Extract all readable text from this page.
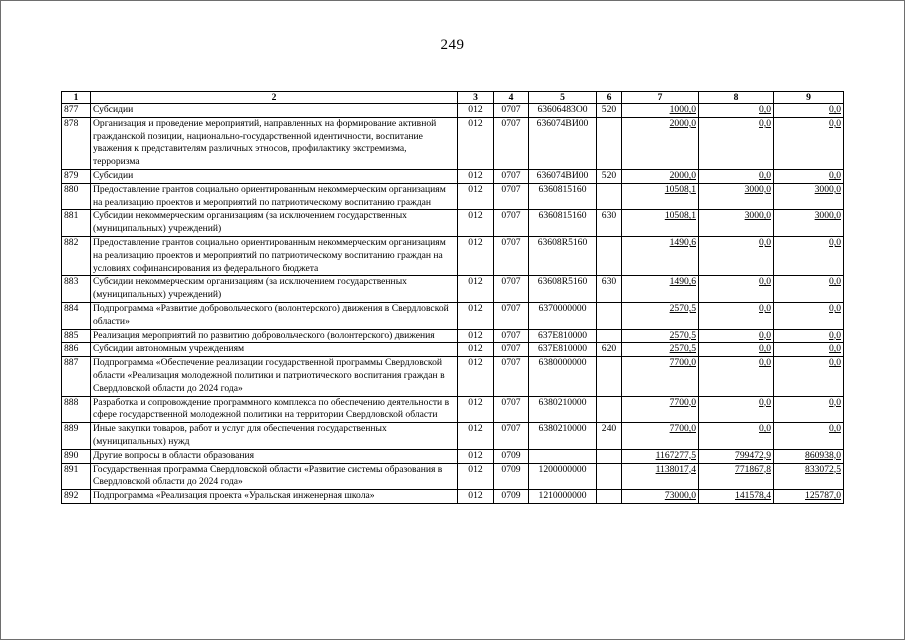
249
1	2	3	4	5	6	7	8	9
877	Субсидии	012	0707	63606483О0	520	1000,0	0,0	0,0
878	Организация и проведение мероприятий, направленных на формирование активной гражданской позиции, национально-государственной идентичности, воспитание уважения к представителям различных этносов, профилактику экстремизма, терроризма	012	0707	636074ВИ00		2000,0	0,0	0,0
879	Субсидии	012	0707	636074ВИ00	520	2000,0	0,0	0,0
880	Предоставление грантов социально ориентированным некоммерческим организациям на реализацию проектов и мероприятий по патриотическому воспитанию граждан	012	0707	6360815160		10508,1	3000,0	3000,0
881	Субсидии некоммерческим организациям (за исключением государственных (муниципальных) учреждений)	012	0707	6360815160	630	10508,1	3000,0	3000,0
882	Предоставление грантов социально ориентированным некоммерческим организациям на реализацию проектов и мероприятий по патриотическому воспитанию граждан на условиях софинансирования из федерального бюджета	012	0707	63608R5160		1490,6	0,0	0,0
883	Субсидии некоммерческим организациям (за исключением государственных (муниципальных) учреждений)	012	0707	63608R5160	630	1490,6	0,0	0,0
884	Подпрограмма «Развитие добровольческого (волонтерского) движения в Свердловской области»	012	0707	6370000000		2570,5	0,0	0,0
885	Реализация мероприятий по развитию добровольческого (волонтерского) движения	012	0707	637Е810000		2570,5	0,0	0,0
886	Субсидии автономным учреждениям	012	0707	637Е810000	620	2570,5	0,0	0,0
887	Подпрограмма «Обеспечение реализации государственной программы Свердловской области «Реализация молодежной политики и патриотического воспитания граждан в Свердловской области до 2024 года»	012	0707	6380000000		7700,0	0,0	0,0
888	Разработка и сопровождение программного комплекса по обеспечению деятельности в сфере государственной молодежной политики на территории Свердловской области	012	0707	6380210000		7700,0	0,0	0,0
889	Иные закупки товаров, работ и услуг для обеспечения государственных (муниципальных) нужд	012	0707	6380210000	240	7700,0	0,0	0,0
890	Другие вопросы в области образования	012	0709			1167277,5	799472,9	860938,0
891	Государственная программа Свердловской области «Развитие системы образования в Свердловской области до 2024 года»	012	0709	1200000000		1138017,4	771867,8	833072,5
892	Подпрограмма «Реализация проекта «Уральская инженерная школа»	012	0709	1210000000		73000,0	141578,4	125787,0
